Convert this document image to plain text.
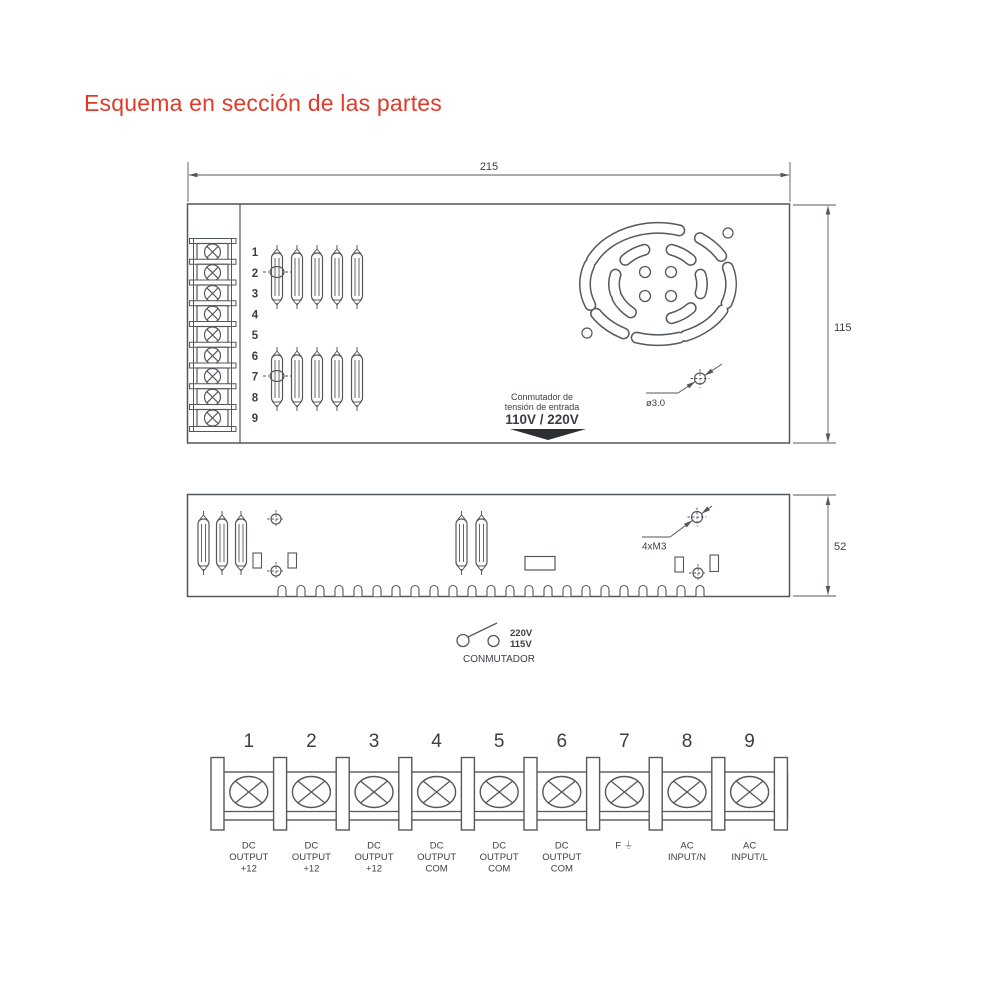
Esquema en sección de las partes
1
2
3
4
5
6
7
8
9
ø3.0
Conmutador de
tensión de entrada
110V / 220V
215
115
52
4xM3
220V
115V
CONMUTADOR
1
DC
OUTPUT
+12
2
DC
OUTPUT
+12
3
DC
OUTPUT
+12
4
DC
OUTPUT
COM
5
DC
OUTPUT
COM
6
DC
OUTPUT
COM
7
F ⏚
8
AC
INPUT/N
9
AC
INPUT/L
